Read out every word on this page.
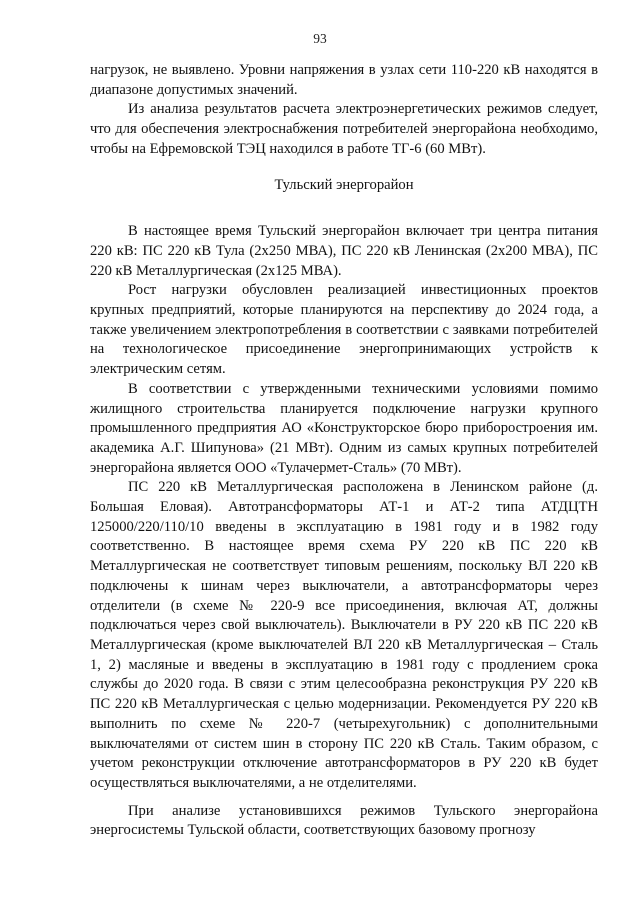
93

нагрузок, не выявлено. Уровни напряжения в узлах сети 110-220 кВ находятся в диапазоне допустимых значений.

Из анализа результатов расчета электроэнергетических режимов следует, что для обеспечения электроснабжения потребителей энергорайона необходимо, чтобы на Ефремовской ТЭЦ находился в работе ТГ-6 (60 МВт).

Тульский энергорайон

В настоящее время Тульский энергорайон включает три центра питания 220 кВ: ПС 220 кВ Тула (2х250 МВА), ПС 220 кВ Ленинская (2х200 МВА), ПС 220 кВ Металлургическая (2х125 МВА).

Рост нагрузки обусловлен реализацией инвестиционных проектов крупных предприятий, которые планируются на перспективу до 2024 года, а также увеличением электропотребления в соответствии с заявками потребителей на технологическое присоединение энергопринимающих устройств к электрическим сетям.

В соответствии с утвержденными техническими условиями помимо жилищного строительства планируется подключение нагрузки крупного промышленного предприятия АО «Конструкторское бюро приборостроения им. академика А.Г. Шипунова» (21 МВт). Одним из самых крупных потребителей энергорайона является ООО «Тулачермет-Сталь» (70 МВт).

ПС 220 кВ Металлургическая расположена в Ленинском районе (д. Большая Еловая). Автотрансформаторы АТ-1 и АТ-2 типа АТДЦТН 125000/220/110/10 введены в эксплуатацию в 1981 году и в 1982 году соответственно. В настоящее время схема РУ 220 кВ ПС 220 кВ Металлургическая не соответствует типовым решениям, поскольку ВЛ 220 кВ подключены к шинам через выключатели, а автотрансформаторы через отделители (в схеме № 220-9 все присоединения, включая АТ, должны подключаться через свой выключатель). Выключатели в РУ 220 кВ ПС 220 кВ Металлургическая (кроме выключателей ВЛ 220 кВ Металлургическая – Сталь 1, 2) масляные и введены в эксплуатацию в 1981 году с продлением срока службы до 2020 года. В связи с этим целесообразна реконструкция РУ 220 кВ ПС 220 кВ Металлургическая с целью модернизации. Рекомендуется РУ 220 кВ выполнить по схеме № 220-7 (четырехугольник) с дополнительными выключателями от систем шин в сторону ПС 220 кВ Сталь. Таким образом, с учетом реконструкции отключение автотрансформаторов в РУ 220 кВ будет осуществляться выключателями, а не отделителями.

При анализе установившихся режимов Тульского энергорайона энергосистемы Тульской области, соответствующих базовому прогнозу
